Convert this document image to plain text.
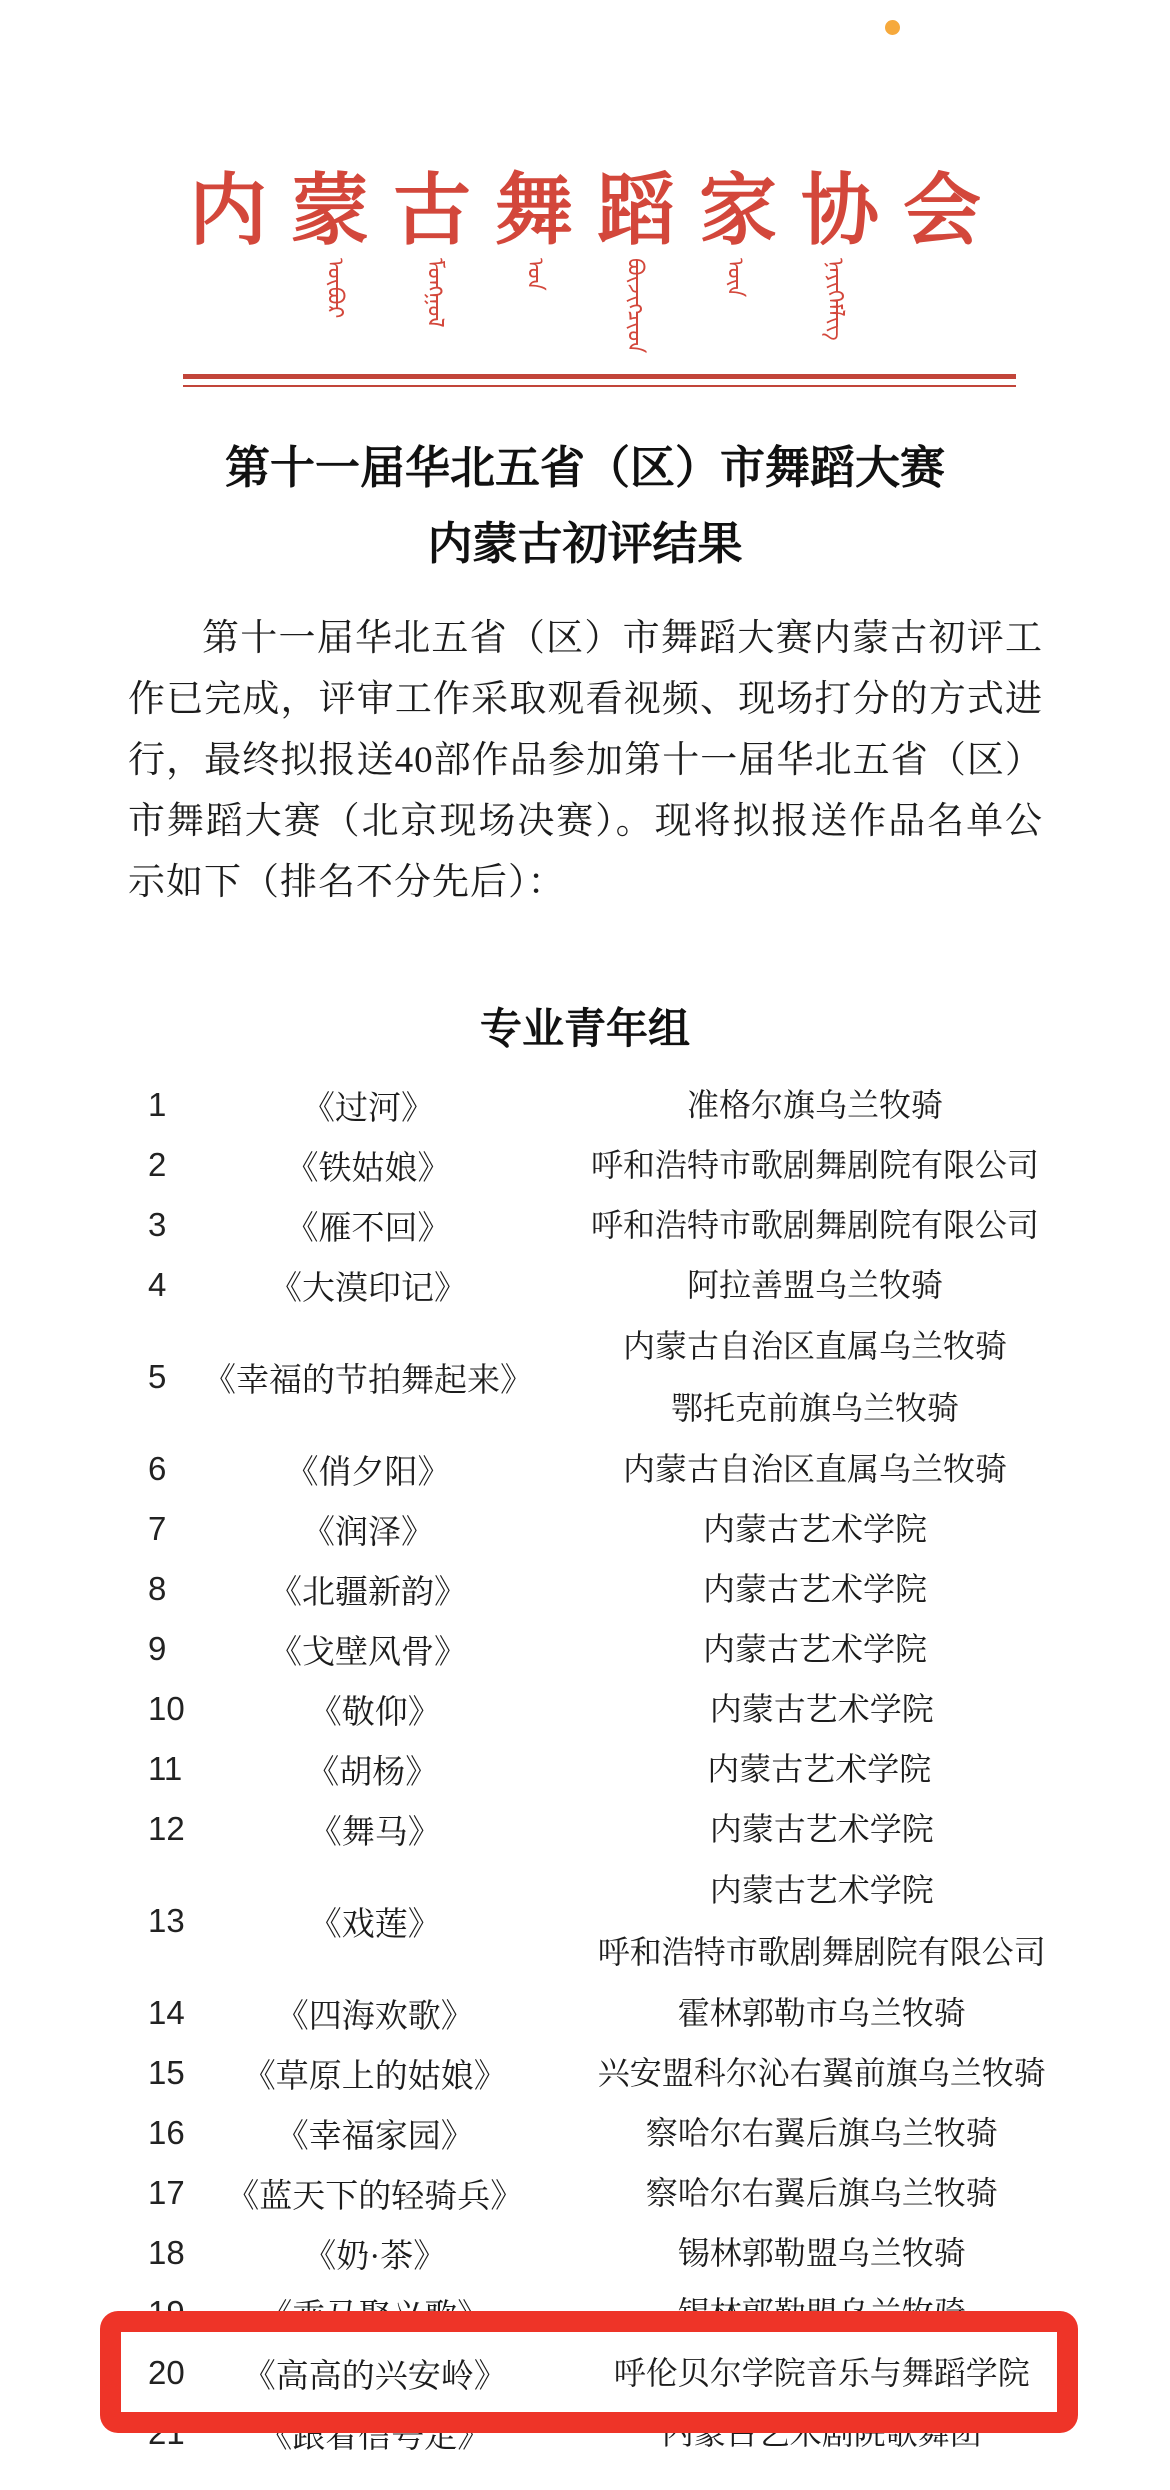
内蒙古舞蹈家协会
ᠥᠪᠥᠷ	ᠮᠣᠩᠭᠣᠯ	ᠤᠨ	ᠪᠦᠵᠢᠭᠴᠢᠳ	ᠦᠨ	ᠨᠡᠶᠢᠭᠡᠮᠯᠢᠭ
第十一届华北五省（区）市舞蹈大赛
内蒙古初评结果

第十一届华北五省（区）市舞蹈大赛内蒙古初评工作已完成，评审工作采取观看视频、现场打分的方式进行，最终拟报送40部作品参加第十一届华北五省（区）市舞蹈大赛（北京现场决赛）。现将拟报送作品名单公示如下（排名不分先后）：

专业青年组
1	《过河》	准格尔旗乌兰牧骑
2	《铁姑娘》	呼和浩特市歌剧舞剧院有限公司
3	《雁不回》	呼和浩特市歌剧舞剧院有限公司
4	《大漠印记》	阿拉善盟乌兰牧骑
5	《幸福的节拍舞起来》
内蒙古自治区直属乌兰牧骑
鄂托克前旗乌兰牧骑
6	《俏夕阳》	内蒙古自治区直属乌兰牧骑
7	《润泽》	内蒙古艺术学院
8	《北疆新韵》	内蒙古艺术学院
9	《戈壁风骨》	内蒙古艺术学院
10	《敬仰》	内蒙古艺术学院
11	《胡杨》	内蒙古艺术学院
12	《舞马》	内蒙古艺术学院
13	《戏莲》
内蒙古艺术学院
呼和浩特市歌剧舞剧院有限公司
14	《四海欢歌》	霍林郭勒市乌兰牧骑
15	《草原上的姑娘》	兴安盟科尔沁右翼前旗乌兰牧骑
16	《幸福家园》	察哈尔右翼后旗乌兰牧骑
17	《蓝天下的轻骑兵》	察哈尔右翼后旗乌兰牧骑
18	《奶·茶》	锡林郭勒盟乌兰牧骑
19	《乘马聚义歌》	锡林郭勒盟乌兰牧骑
20	《高高的兴安岭》	呼伦贝尔学院音乐与舞蹈学院
21	《跟着信号走》	内蒙古艺术剧院歌舞团
